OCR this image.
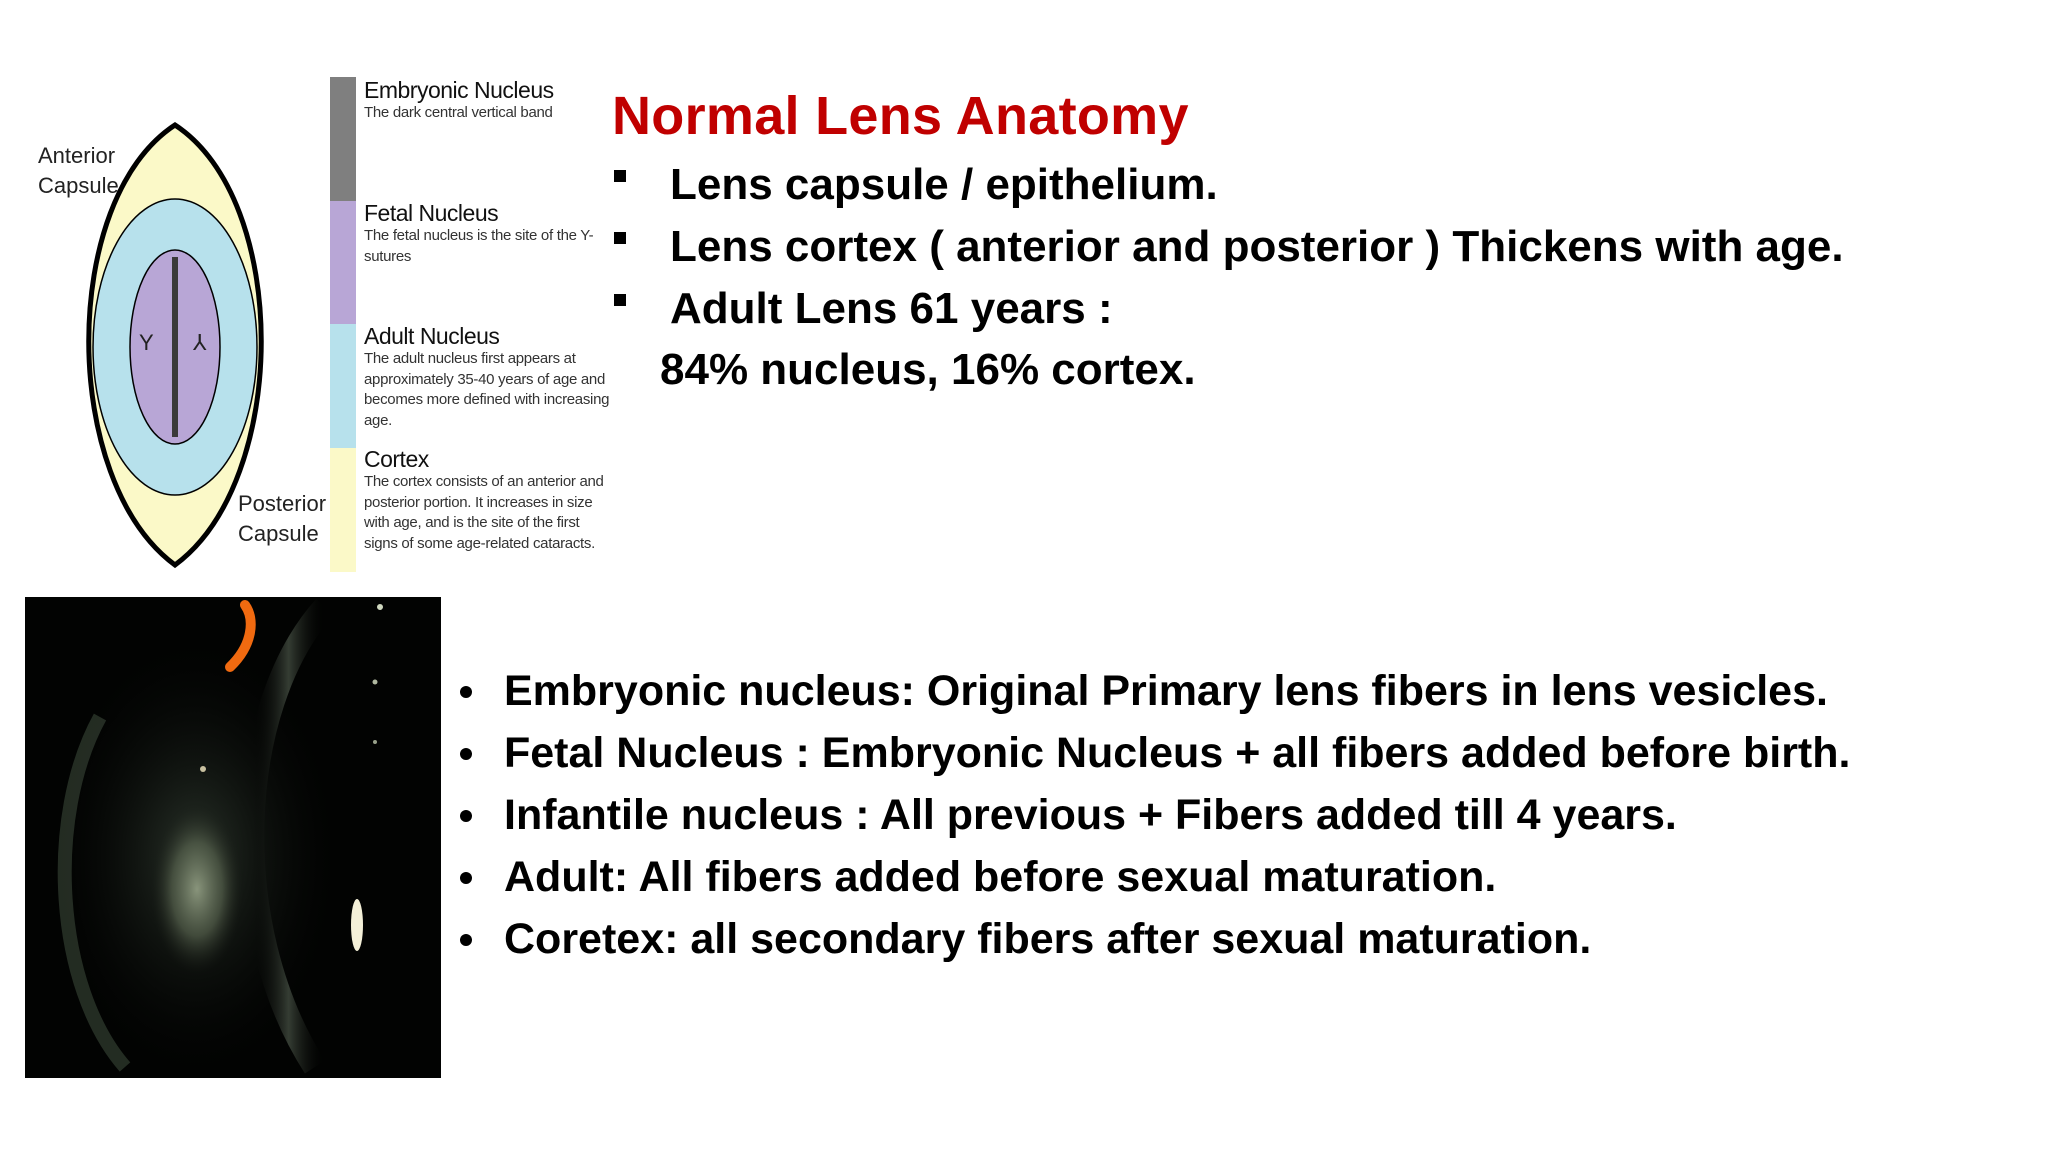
Y ⅄
Anterior
Capsule
Posterior
Capsule
Embryonic Nucleus
The dark central vertical band
Fetal Nucleus
The fetal nucleus is the site of the Y-
sutures
Adult Nucleus
The adult nucleus first appears at
approximately 35-40 years of age and
becomes more defined with increasing
age.
Cortex
The cortex consists of an anterior and
posterior portion. It increases in size
with age, and is the site of the first
signs of some age-related cataracts.
Normal Lens Anatomy
Lens capsule / epithelium.
Lens cortex ( anterior and posterior ) Thickens with age.
Adult Lens 61 years :
84% nucleus, 16% cortex.
Embryonic nucleus: Original Primary lens fibers in lens vesicles.
Fetal Nucleus : Embryonic Nucleus + all fibers added before birth.
Infantile nucleus : All previous + Fibers added till 4 years.
Adult: All fibers added before sexual maturation.
Coretex: all secondary fibers after sexual maturation.
